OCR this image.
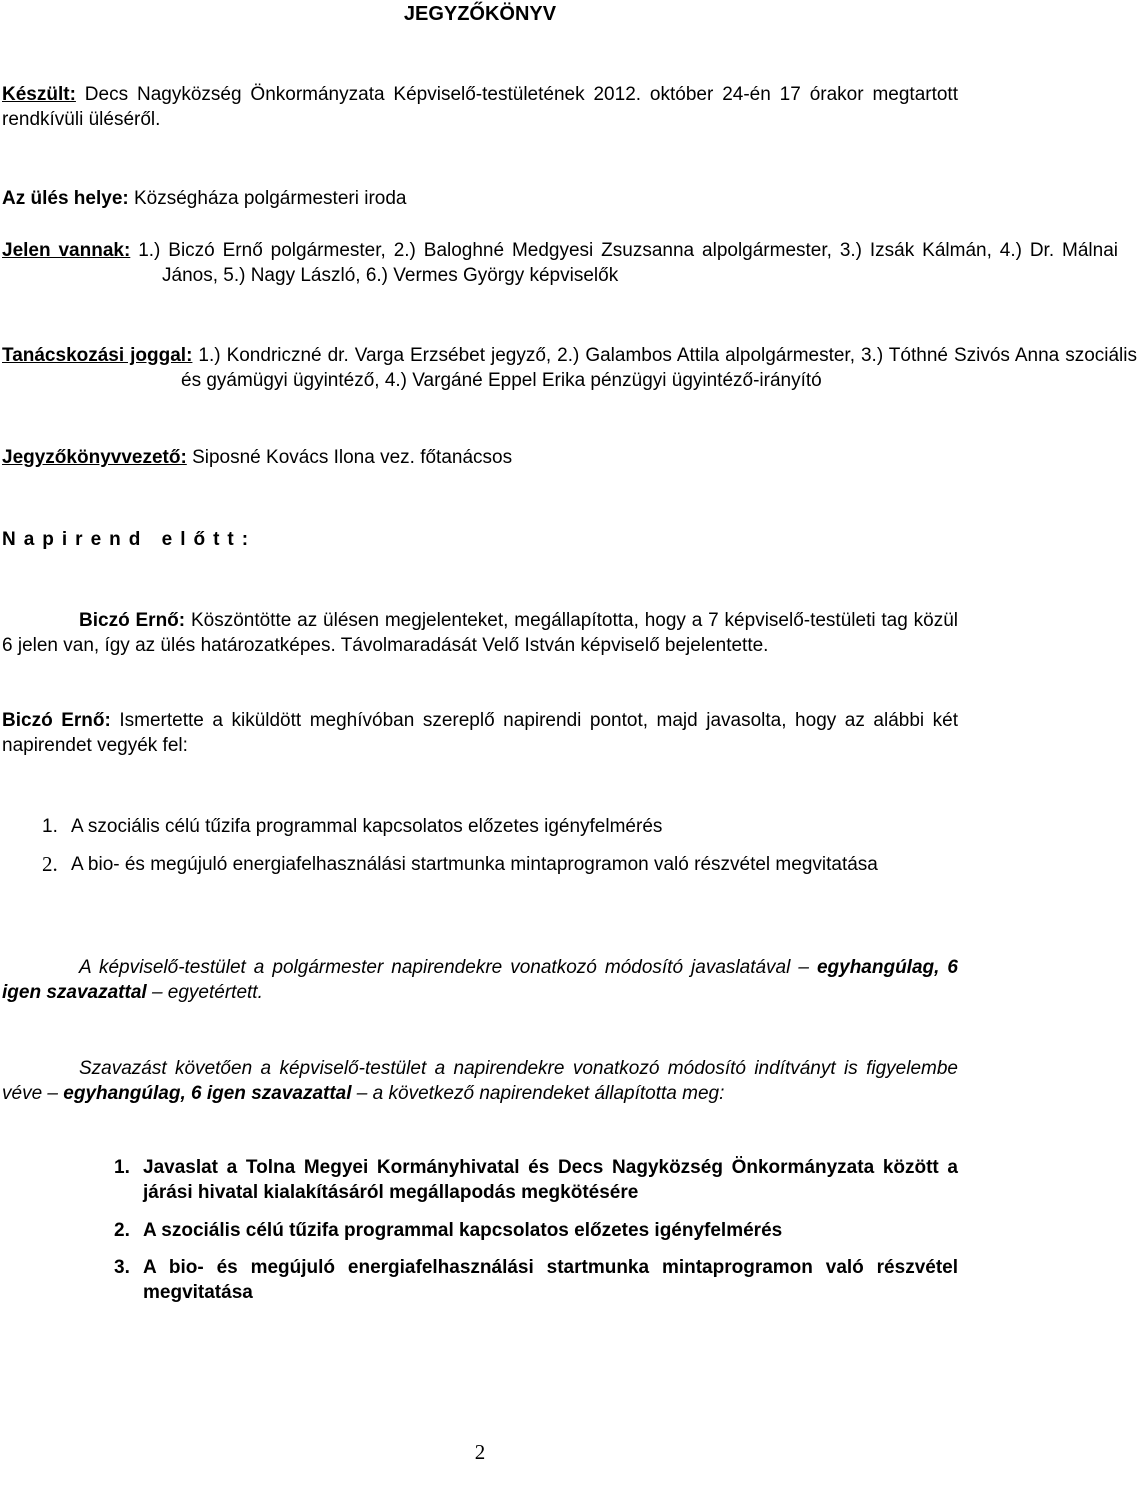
JEGYZŐKÖNYV
Készült: Decs Nagyközség Önkormányzata Képviselő-testületének 2012. október 24-én 17 órakor megtartott rendkívüli üléséről.
Az ülés helye: Községháza polgármesteri iroda
Jelen vannak: 1.) Biczó Ernő polgármester, 2.) Baloghné Medgyesi Zsuzsanna alpolgármester, 3.) Izsák Kálmán, 4.) Dr. Málnai János, 5.) Nagy László, 6.) Vermes György képviselők
Tanácskozási joggal: 1.) Kondriczné dr. Varga Erzsébet jegyző, 2.) Galambos Attila alpolgármester, 3.) Tóthné Szivós Anna szociális és gyámügyi ügyintéző, 4.) Vargáné Eppel Erika pénzügyi ügyintéző-irányító
Jegyzőkönyvvezető: Siposné Kovács Ilona vez. főtanácsos
Napirend előtt:
Biczó Ernő: Köszöntötte az ülésen megjelenteket, megállapította, hogy a 7 képviselő-testületi tag közül 6 jelen van, így az ülés határozatképes. Távolmaradását Velő István képviselő bejelentette.
Biczó Ernő: Ismertette a kiküldött meghívóban szereplő napirendi pontot, majd javasolta, hogy az alábbi két napirendet vegyék fel:
1. A szociális célú tűzifa programmal kapcsolatos előzetes igényfelmérés
2. A bio- és megújuló energiafelhasználási startmunka mintaprogramon való részvétel megvitatása
A képviselő-testület a polgármester napirendekre vonatkozó módosító javaslatával – egyhangúlag, 6 igen szavazattal – egyetértett.
Szavazást követően a képviselő-testület a napirendekre vonatkozó módosító indítványt is figyelembe véve – egyhangúlag, 6 igen szavazattal – a következő napirendeket állapította meg:
1. Javaslat a Tolna Megyei Kormányhivatal és Decs Nagyközség Önkormányzata között a járási hivatal kialakításáról megállapodás megkötésére
2. A szociális célú tűzifa programmal kapcsolatos előzetes igényfelmérés
3. A bio- és megújuló energiafelhasználási startmunka mintaprogramon való részvétel megvitatása
2
